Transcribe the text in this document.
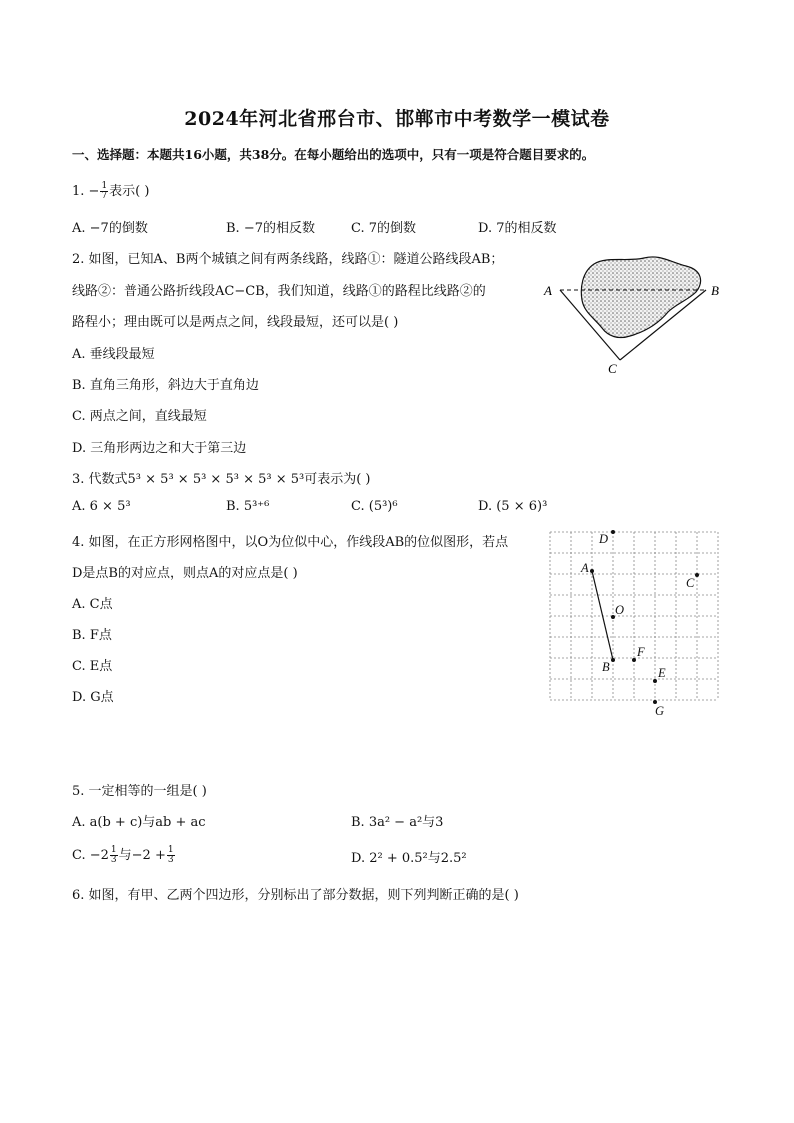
2024年河北省邢台市、邯郸市中考数学一模试卷
一、选择题：本题共16小题，共38分。在每小题给出的选项中，只有一项是符合题目要求的。
1. − $\frac{1}{7}$ 表示( )
A. −7的倒数	B. −7的相反数	C. 7的倒数	D. 7的相反数
2. 如图，已知A、B两个城镇之间有两条线路，线路①：隧道公路线段AB；
线路②：普通公路折线段AC−CB，我们知道，线路①的路程比线路②的
路程小；理由既可以是两点之间，线段最短，还可以是( )
A. 垂线段最短
B. 直角三角形，斜边大于直角边
C. 两点之间，直线最短
D. 三角形两边之和大于第三边
A	B
C
3. 代数式5³ × 5³ × 5³ × 5³ × 5³ × 5³可表示为( )
A. 6 × 5³	B. 5³⁺⁶	C. (5³)⁶	D. (5 × 6)³
4. 如图，在正方形网格图中，以O为位似中心，作线段AB的位似图形，若点
D是点B的对应点，则点A的对应点是( )
A. C点
B. F点
C. E点
D. G点
A
B
C
D
E
F
G
O
5. 一定相等的一组是( )
A. a(b + c)与ab + ac	B. 3a² − a²与3
C. $-2 \frac{1}{3}$ 与$-2 + \frac{1}{3}$	D. 2² + 0.5²与2.5²
6. 如图，有甲、乙两个四边形，分别标出了部分数据，则下列判断正确的是( )
